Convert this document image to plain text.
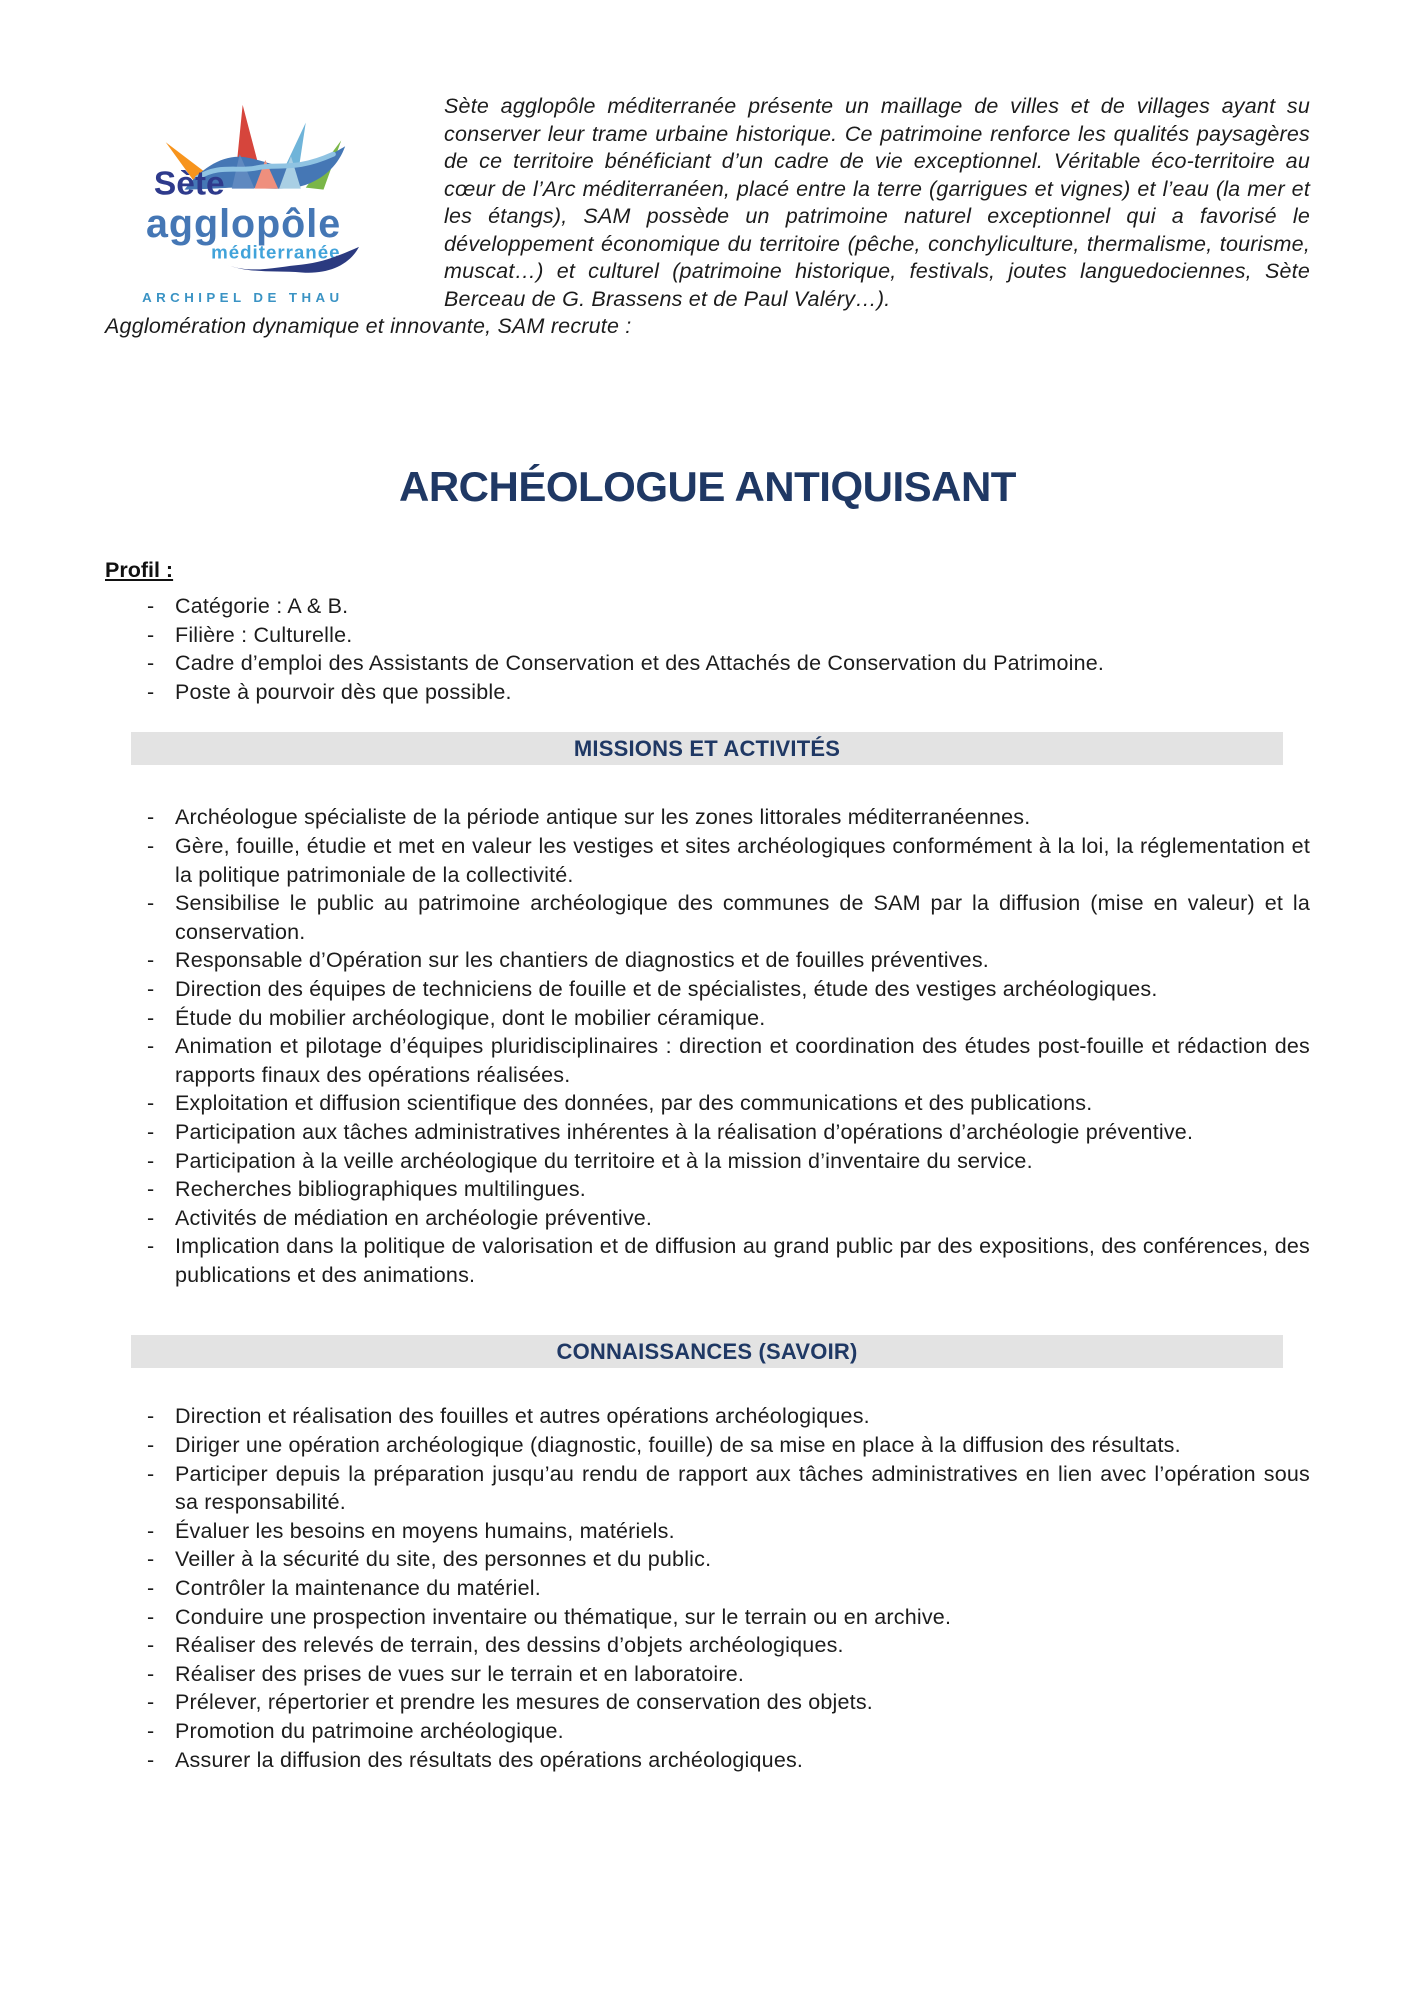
Sète
agglopôle
méditerranée
ARCHIPEL DE THAU

Sète agglopôle méditerranée présente un maillage de villes et de villages ayant su conserver leur trame urbaine historique. Ce patrimoine renforce les qualités paysagères de ce territoire bénéficiant d’un cadre de vie exceptionnel. Véritable éco-territoire au cœur de l’Arc méditerranéen, placé entre la terre (garrigues et vignes) et l’eau (la mer et les étangs), SAM possède un patrimoine naturel exceptionnel qui a favorisé le développement économique du territoire (pêche, conchyliculture, thermalisme, tourisme, muscat…) et culturel (patrimoine historique, festivals, joutes languedociennes, Sète Berceau de G. Brassens et de Paul Valéry…).

Agglomération dynamique et innovante, SAM recrute :

ARCHÉOLOGUE ANTIQUISANT
Profil :
- Catégorie : A & B.
- Filière : Culturelle.
- Cadre d’emploi des Assistants de Conservation et des Attachés de Conservation du Patrimoine.
- Poste à pourvoir dès que possible.
MISSIONS ET ACTIVITÉS
- Archéologue spécialiste de la période antique sur les zones littorales méditerranéennes.
- Gère, fouille, étudie et met en valeur les vestiges et sites archéologiques conformément à la loi, la réglementation et la politique patrimoniale de la collectivité.
- Sensibilise le public au patrimoine archéologique des communes de SAM par la diffusion (mise en valeur) et la conservation.
- Responsable d’Opération sur les chantiers de diagnostics et de fouilles préventives.
- Direction des équipes de techniciens de fouille et de spécialistes, étude des vestiges archéologiques.
- Étude du mobilier archéologique, dont le mobilier céramique.
- Animation et pilotage d’équipes pluridisciplinaires : direction et coordination des études post-fouille et rédaction des rapports finaux des opérations réalisées.
- Exploitation et diffusion scientifique des données, par des communications et des publications.
- Participation aux tâches administratives inhérentes à la réalisation d’opérations d’archéologie préventive.
- Participation à la veille archéologique du territoire et à la mission d’inventaire du service.
- Recherches bibliographiques multilingues.
- Activités de médiation en archéologie préventive.
- Implication dans la politique de valorisation et de diffusion au grand public par des expositions, des conférences, des publications et des animations.
CONNAISSANCES (SAVOIR)
- Direction et réalisation des fouilles et autres opérations archéologiques.
- Diriger une opération archéologique (diagnostic, fouille) de sa mise en place à la diffusion des résultats.
- Participer depuis la préparation jusqu’au rendu de rapport aux tâches administratives en lien avec l’opération sous sa responsabilité.
- Évaluer les besoins en moyens humains, matériels.
- Veiller à la sécurité du site, des personnes et du public.
- Contrôler la maintenance du matériel.
- Conduire une prospection inventaire ou thématique, sur le terrain ou en archive.
- Réaliser des relevés de terrain, des dessins d’objets archéologiques.
- Réaliser des prises de vues sur le terrain et en laboratoire.
- Prélever, répertorier et prendre les mesures de conservation des objets.
- Promotion du patrimoine archéologique.
- Assurer la diffusion des résultats des opérations archéologiques.
